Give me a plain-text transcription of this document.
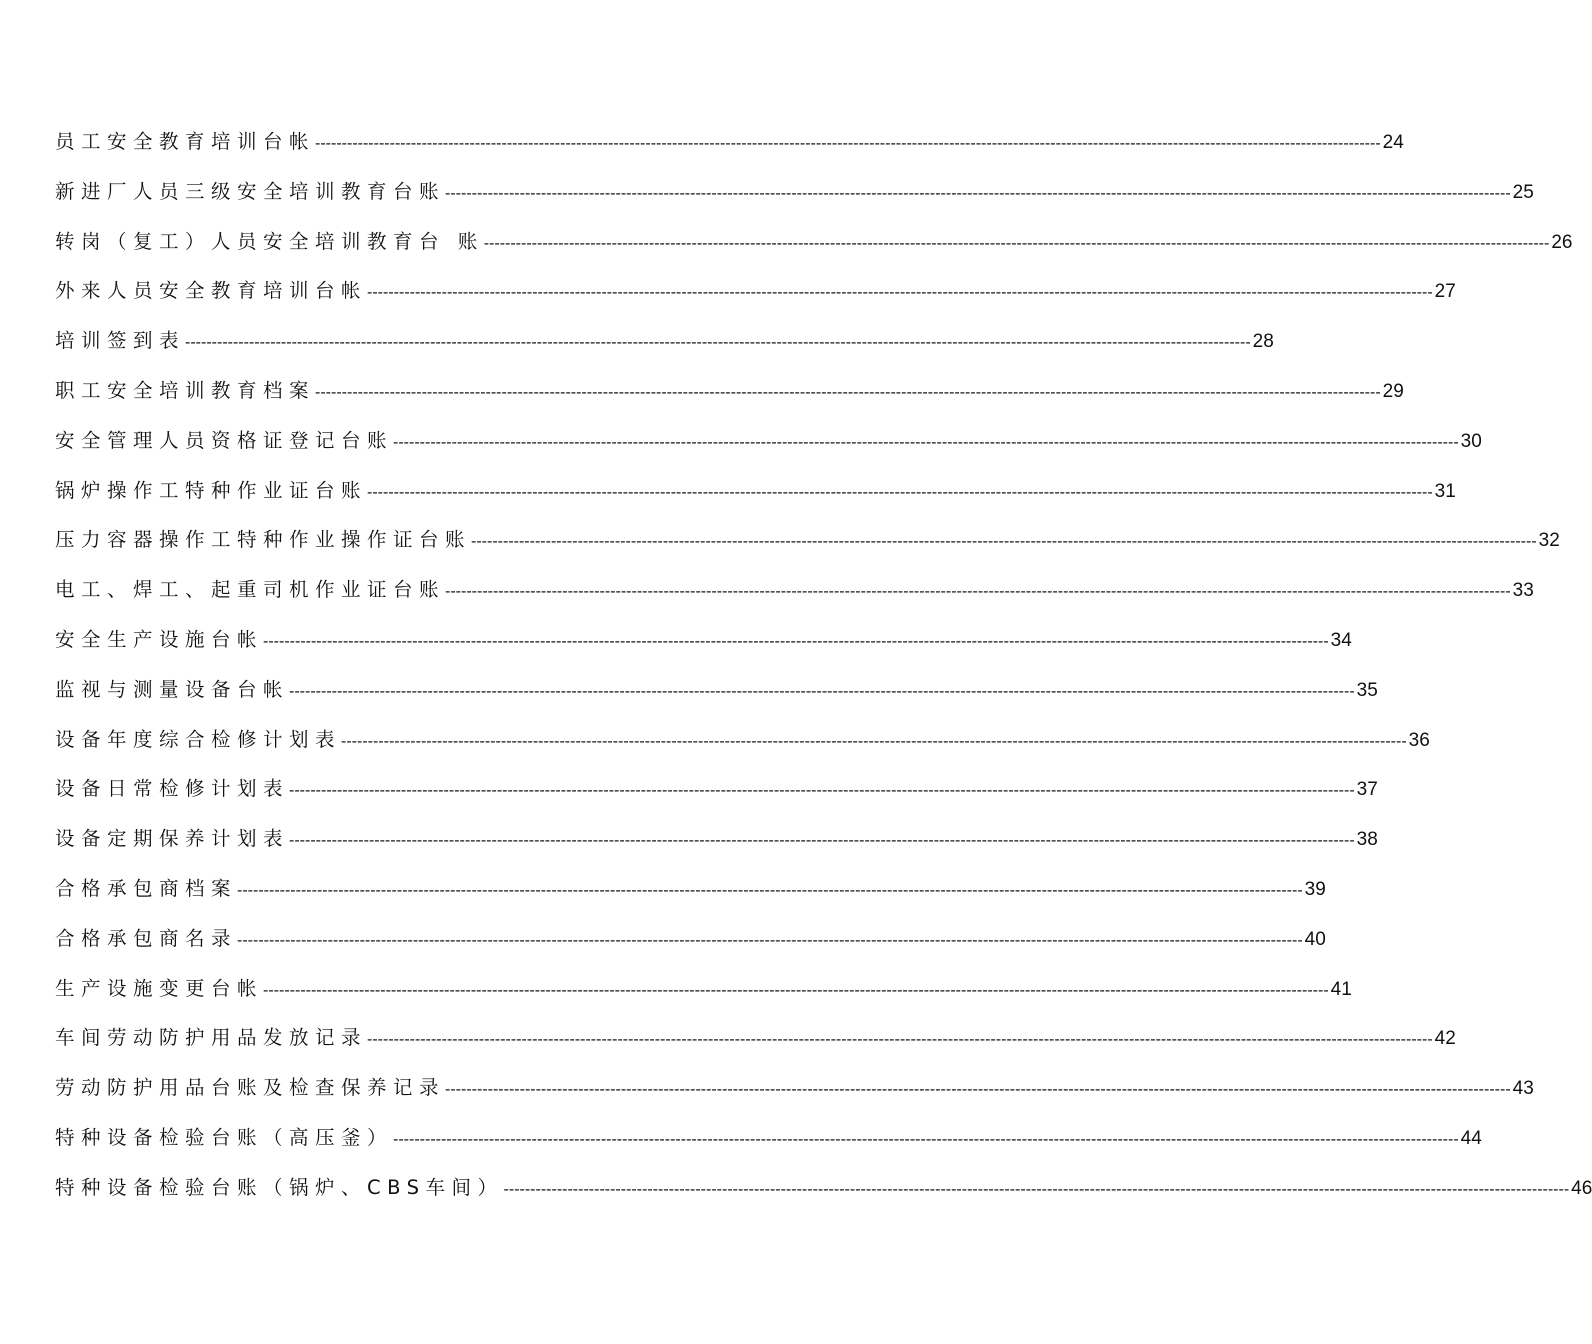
员工安全教育培训台帐 -------------------------------------------------------------------------------------------------------------------------------------------------------------------------------------------------------- 24
新进厂人员三级安全培训教育台账 -------------------------------------------------------------------------------------------------------------------------------------------------------------------------------------------------------- 25
转岗（复工）人员安全培训教育台 账 -------------------------------------------------------------------------------------------------------------------------------------------------------------------------------------------------------- 26
外来人员安全教育培训台帐 -------------------------------------------------------------------------------------------------------------------------------------------------------------------------------------------------------- 27
培训签到表 -------------------------------------------------------------------------------------------------------------------------------------------------------------------------------------------------------- 28
职工安全培训教育档案 -------------------------------------------------------------------------------------------------------------------------------------------------------------------------------------------------------- 29
安全管理人员资格证登记台账 -------------------------------------------------------------------------------------------------------------------------------------------------------------------------------------------------------- 30
锅炉操作工特种作业证台账 -------------------------------------------------------------------------------------------------------------------------------------------------------------------------------------------------------- 31
压力容器操作工特种作业操作证台账 -------------------------------------------------------------------------------------------------------------------------------------------------------------------------------------------------------- 32
电工、焊工、起重司机作业证台账 -------------------------------------------------------------------------------------------------------------------------------------------------------------------------------------------------------- 33
安全生产设施台帐 -------------------------------------------------------------------------------------------------------------------------------------------------------------------------------------------------------- 34
监视与测量设备台帐 -------------------------------------------------------------------------------------------------------------------------------------------------------------------------------------------------------- 35
设备年度综合检修计划表 -------------------------------------------------------------------------------------------------------------------------------------------------------------------------------------------------------- 36
设备日常检修计划表 -------------------------------------------------------------------------------------------------------------------------------------------------------------------------------------------------------- 37
设备定期保养计划表 -------------------------------------------------------------------------------------------------------------------------------------------------------------------------------------------------------- 38
合格承包商档案 -------------------------------------------------------------------------------------------------------------------------------------------------------------------------------------------------------- 39
合格承包商名录 -------------------------------------------------------------------------------------------------------------------------------------------------------------------------------------------------------- 40
生产设施变更台帐 -------------------------------------------------------------------------------------------------------------------------------------------------------------------------------------------------------- 41
车间劳动防护用品发放记录 -------------------------------------------------------------------------------------------------------------------------------------------------------------------------------------------------------- 42
劳动防护用品台账及检查保养记录 -------------------------------------------------------------------------------------------------------------------------------------------------------------------------------------------------------- 43
特种设备检验台账（高压釜） -------------------------------------------------------------------------------------------------------------------------------------------------------------------------------------------------------- 44
特种设备检验台账（锅炉、CBS车间） -------------------------------------------------------------------------------------------------------------------------------------------------------------------------------------------------------- 46
